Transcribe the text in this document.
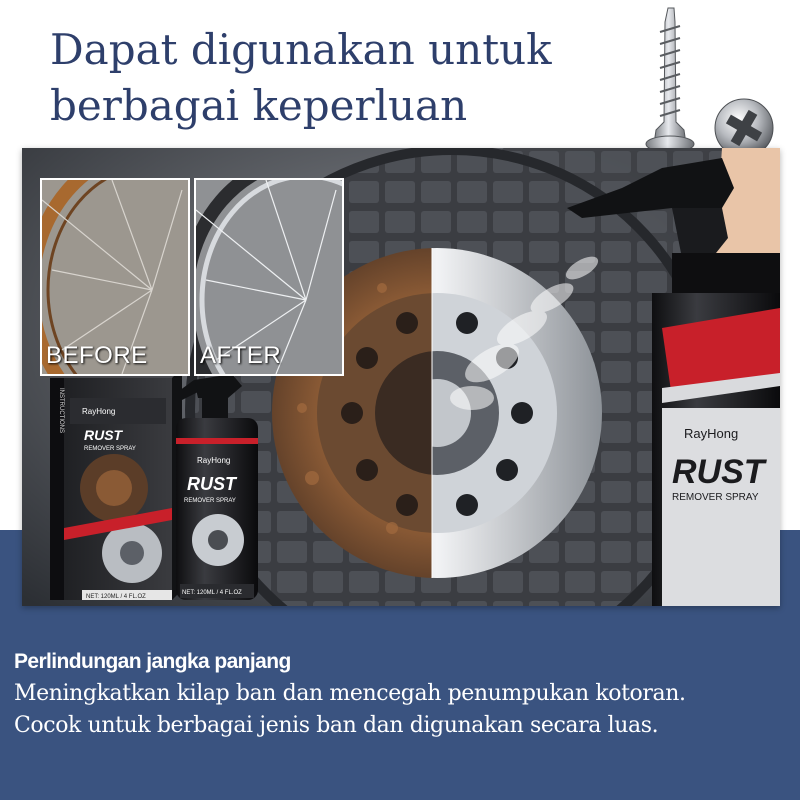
Dapat digunakan untuk
berbagai keperluan
RayHong
RUST
REMOVER SPRAY
INSTRUCTIONS RayHong
RUST
REMOVER SPRAY
RayHong
RUST
REMOVER SPRAY
NET: 120ML / 4 FL.OZ
NET: 120ML / 4 FL.OZ
BEFORE AFTER

Perlindungan jangka panjang

Meningkatkan kilap ban dan mencegah penumpukan kotoran.

Cocok untuk berbagai jenis ban dan digunakan secara luas.
